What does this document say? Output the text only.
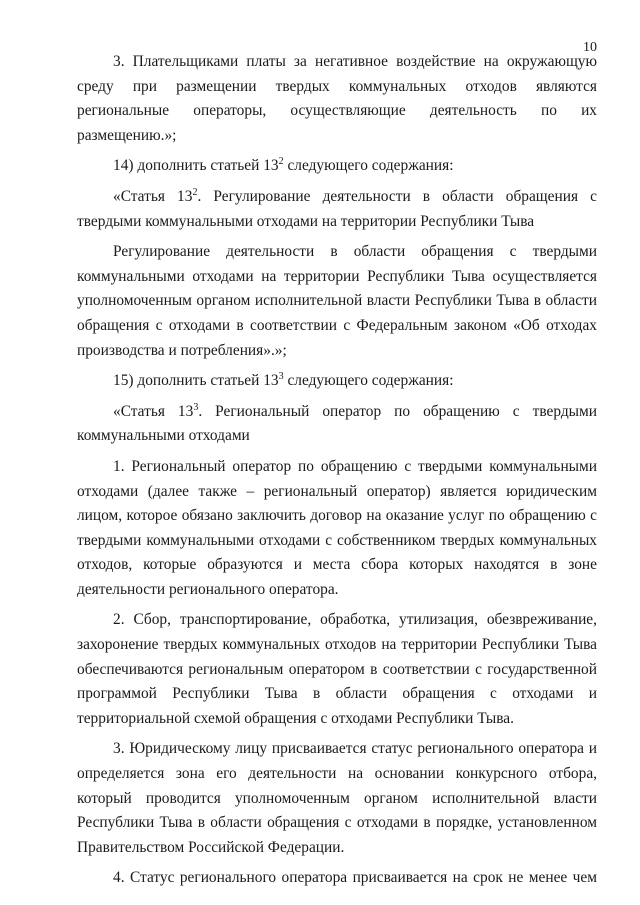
10

3. Плательщиками платы за негативное воздействие на окружающую среду при размещении твердых коммунальных отходов являются региональные операторы, осуществляющие деятельность по их размещению.»;

14) дополнить статьей $13^2$ следующего содержания:

«Статья $13^2$. Регулирование деятельности в области обращения с твердыми коммунальными отходами на территории Республики Тыва

Регулирование деятельности в области обращения с твердыми коммунальными отходами на территории Республики Тыва осуществляется уполномоченным органом исполнительной власти Республики Тыва в области обращения с отходами в соответствии с Федеральным законом «Об отходах производства и потребления».»;

15) дополнить статьей $13^3$ следующего содержания:

«Статья $13^3$. Региональный оператор по обращению с твердыми коммунальными отходами

1. Региональный оператор по обращению с твердыми коммунальными отходами (далее также – региональный оператор) является юридическим лицом, которое обязано заключить договор на оказание услуг по обращению с твердыми коммунальными отходами с собственником твердых коммунальных отходов, которые образуются и места сбора которых находятся в зоне деятельности регионального оператора.

2. Сбор, транспортирование, обработка, утилизация, обезвреживание, захоронение твердых коммунальных отходов на территории Республики Тыва обеспечиваются региональным оператором в соответствии с государственной программой Республики Тыва в области обращения с отходами и территориальной схемой обращения с отходами Республики Тыва.

3. Юридическому лицу присваивается статус регионального оператора и определяется зона его деятельности на основании конкурсного отбора, который проводится уполномоченным органом исполнительной власти Республики Тыва в области обращения с отходами в порядке, установленном Правительством Российской Федерации.

4. Статус регионального оператора присваивается на срок не менее чем
